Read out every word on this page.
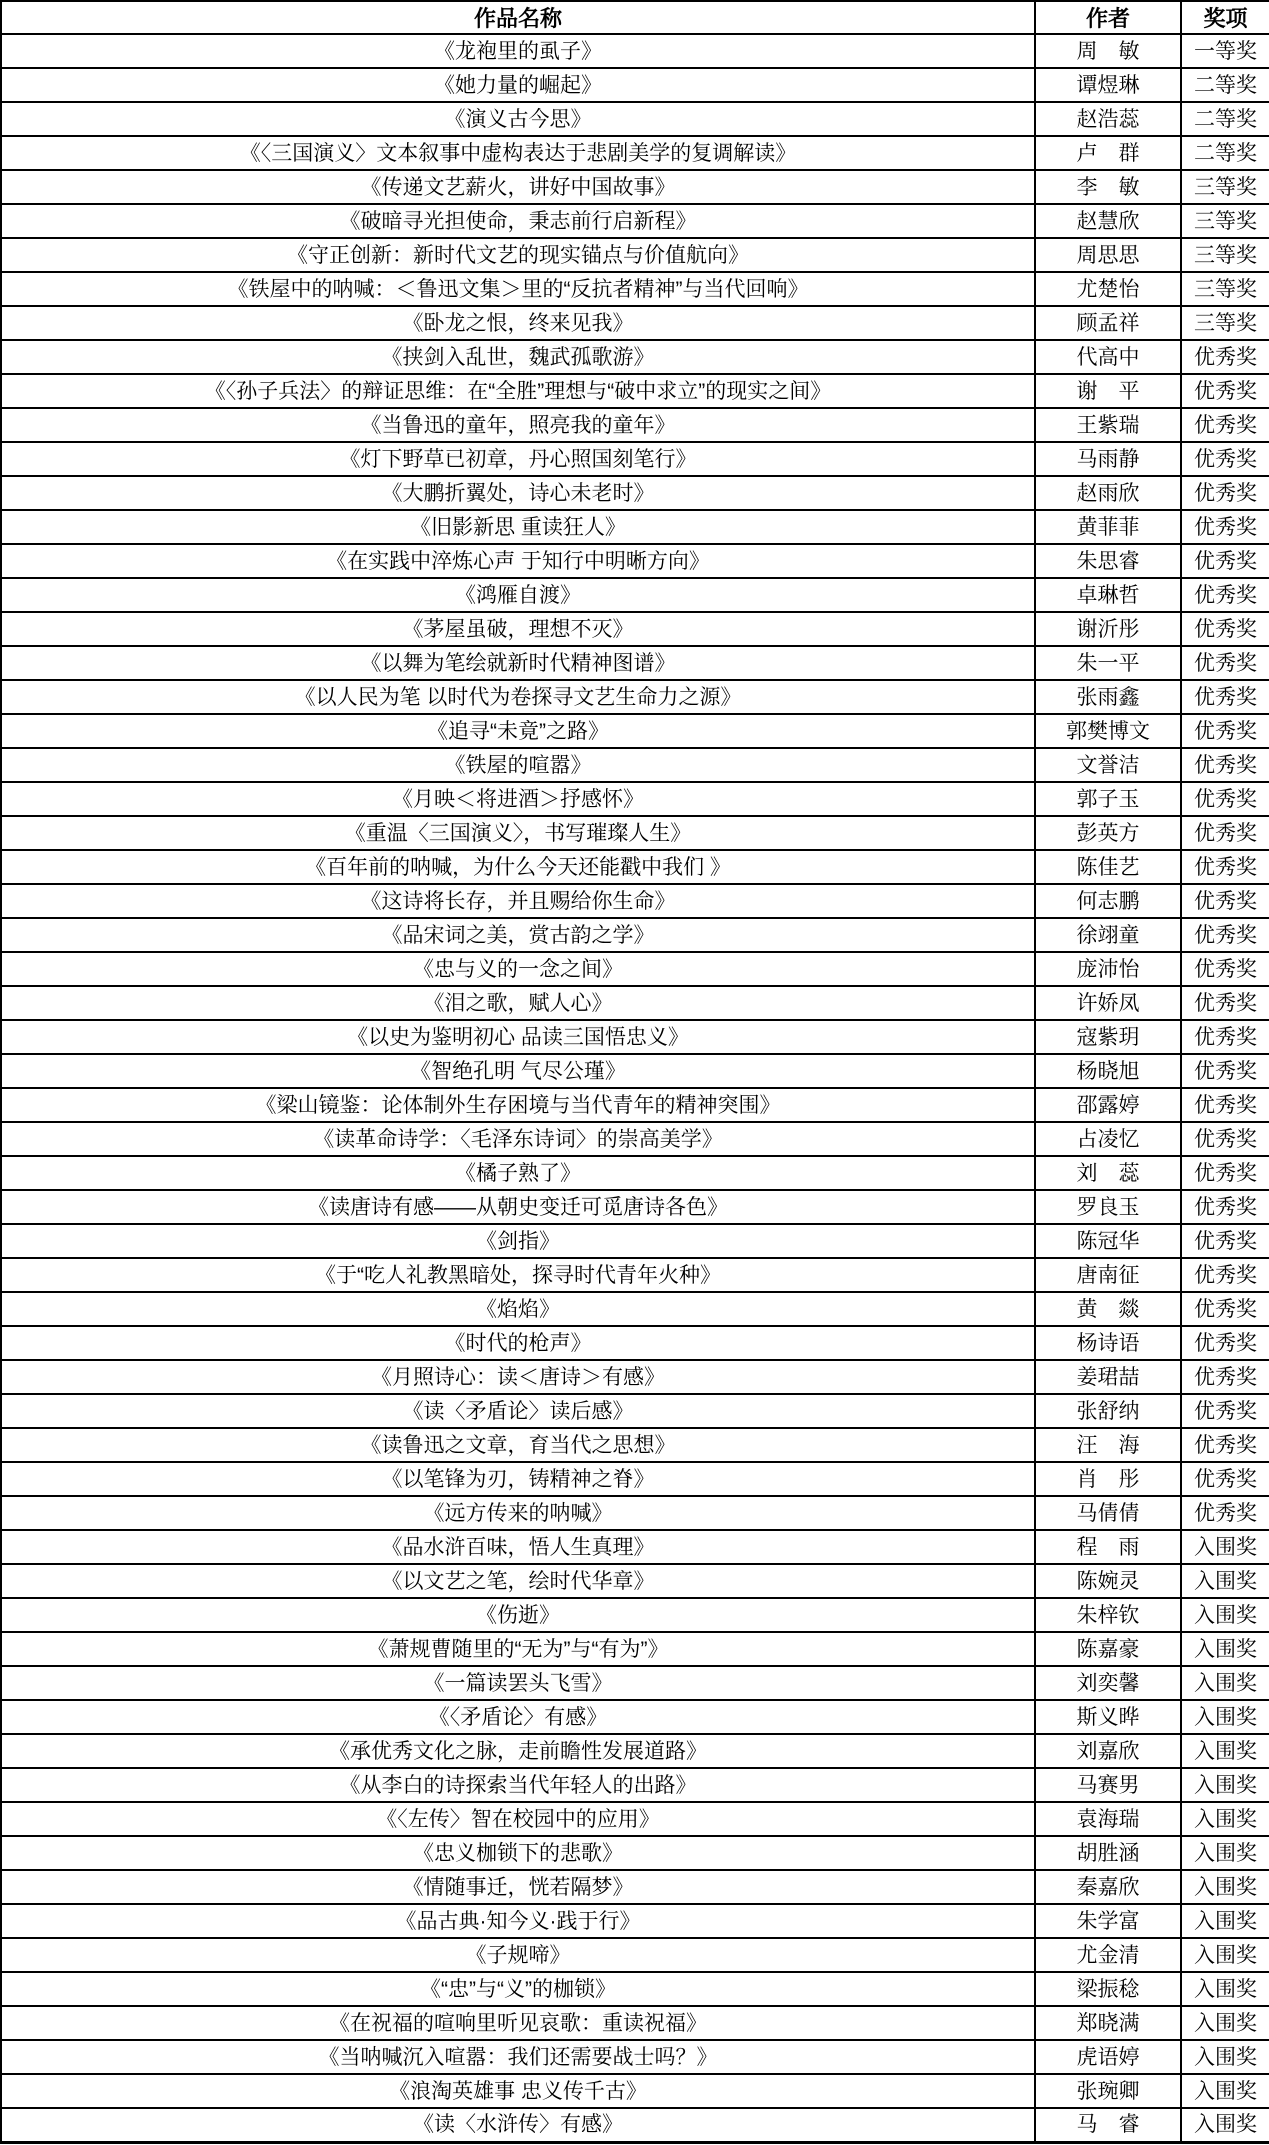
作品名称	作者	奖项
《龙袍里的虱子》	周　敏	一等奖
《她力量的崛起》	谭煜琳	二等奖
《演义古今思》	赵浩蕊	二等奖
《〈三国演义〉文本叙事中虚构表达于悲剧美学的复调解读》	卢　群	二等奖
《传递文艺薪火，讲好中国故事》	李　敏	三等奖
《破暗寻光担使命，秉志前行启新程》	赵慧欣	三等奖
《守正创新：新时代文艺的现实锚点与价值航向》	周思思	三等奖
《铁屋中的呐喊：＜鲁迅文集＞里的“反抗者精神”与当代回响》	尤楚怡	三等奖
《卧龙之恨，终来见我》	顾孟祥	三等奖
《挟剑入乱世，魏武孤歌游》	代高中	优秀奖
《〈孙子兵法〉的辩证思维：在“全胜”理想与“破中求立”的现实之间》	谢　平	优秀奖
《当鲁迅的童年，照亮我的童年》	王紫瑞	优秀奖
《灯下野草已初章，丹心照国刻笔行》	马雨静	优秀奖
《大鹏折翼处，诗心未老时》	赵雨欣	优秀奖
《旧影新思 重读狂人》	黄菲菲	优秀奖
《在实践中淬炼心声 于知行中明晰方向》	朱思睿	优秀奖
《鸿雁自渡》	卓琳哲	优秀奖
《茅屋虽破，理想不灭》	谢沂彤	优秀奖
《以舞为笔绘就新时代精神图谱》	朱一平	优秀奖
《以人民为笔 以时代为卷探寻文艺生命力之源》	张雨鑫	优秀奖
《追寻“未竟”之路》	郭樊博文	优秀奖
《铁屋的喧嚣》	文誉洁	优秀奖
《月映＜将进酒＞抒感怀》	郭子玉	优秀奖
《重温〈三国演义〉，书写璀璨人生》	彭英方	优秀奖
《百年前的呐喊，为什么今天还能戳中我们 》	陈佳艺	优秀奖
《这诗将长存，并且赐给你生命》	何志鹏	优秀奖
《品宋词之美，赏古韵之学》	徐翊童	优秀奖
《忠与义的一念之间》	庞沛怡	优秀奖
《泪之歌，赋人心》	许娇凤	优秀奖
《以史为鉴明初心 品读三国悟忠义》	寇紫玥	优秀奖
《智绝孔明 气尽公瑾》	杨晓旭	优秀奖
《梁山镜鉴：论体制外生存困境与当代青年的精神突围》	邵露婷	优秀奖
《读革命诗学：〈毛泽东诗词〉的崇高美学》	占凌忆	优秀奖
《橘子熟了》	刘　蕊	优秀奖
《读唐诗有感——从朝史变迁可觅唐诗各色》	罗良玉	优秀奖
《剑指》	陈冠华	优秀奖
《于“吃人礼教黑暗处，探寻时代青年火种》	唐南征	优秀奖
《焰焰》	黄　燚	优秀奖
《时代的枪声》	杨诗语	优秀奖
《月照诗心：读＜唐诗＞有感》	姜珺喆	优秀奖
《读〈矛盾论〉读后感》	张舒纳	优秀奖
《读鲁迅之文章，育当代之思想》	汪　海	优秀奖
《以笔锋为刃，铸精神之脊》	肖　彤	优秀奖
《远方传来的呐喊》	马倩倩	优秀奖
《品水浒百味，悟人生真理》	程　雨	入围奖
《以文艺之笔，绘时代华章》	陈婉灵	入围奖
《伤逝》	朱梓钦	入围奖
《萧规曹随里的“无为”与“有为”》	陈嘉豪	入围奖
《一篇读罢头飞雪》	刘奕馨	入围奖
《〈矛盾论〉有感》	斯义晔	入围奖
《承优秀文化之脉，走前瞻性发展道路》	刘嘉欣	入围奖
《从李白的诗探索当代年轻人的出路》	马赛男	入围奖
《〈左传〉智在校园中的应用》	袁海瑞	入围奖
《忠义枷锁下的悲歌》	胡胜涵	入围奖
《情随事迁，恍若隔梦》	秦嘉欣	入围奖
《品古典·知今义·践于行》	朱学富	入围奖
《子规啼》	尤金清	入围奖
《“忠”与“义”的枷锁》	梁振稔	入围奖
《在祝福的喧响里听见哀歌：重读祝福》	郑晓满	入围奖
《当呐喊沉入喧嚣：我们还需要战士吗？》	虎语婷	入围奖
《浪淘英雄事 忠义传千古》	张琬卿	入围奖
《读〈水浒传〉有感》	马　睿	入围奖
